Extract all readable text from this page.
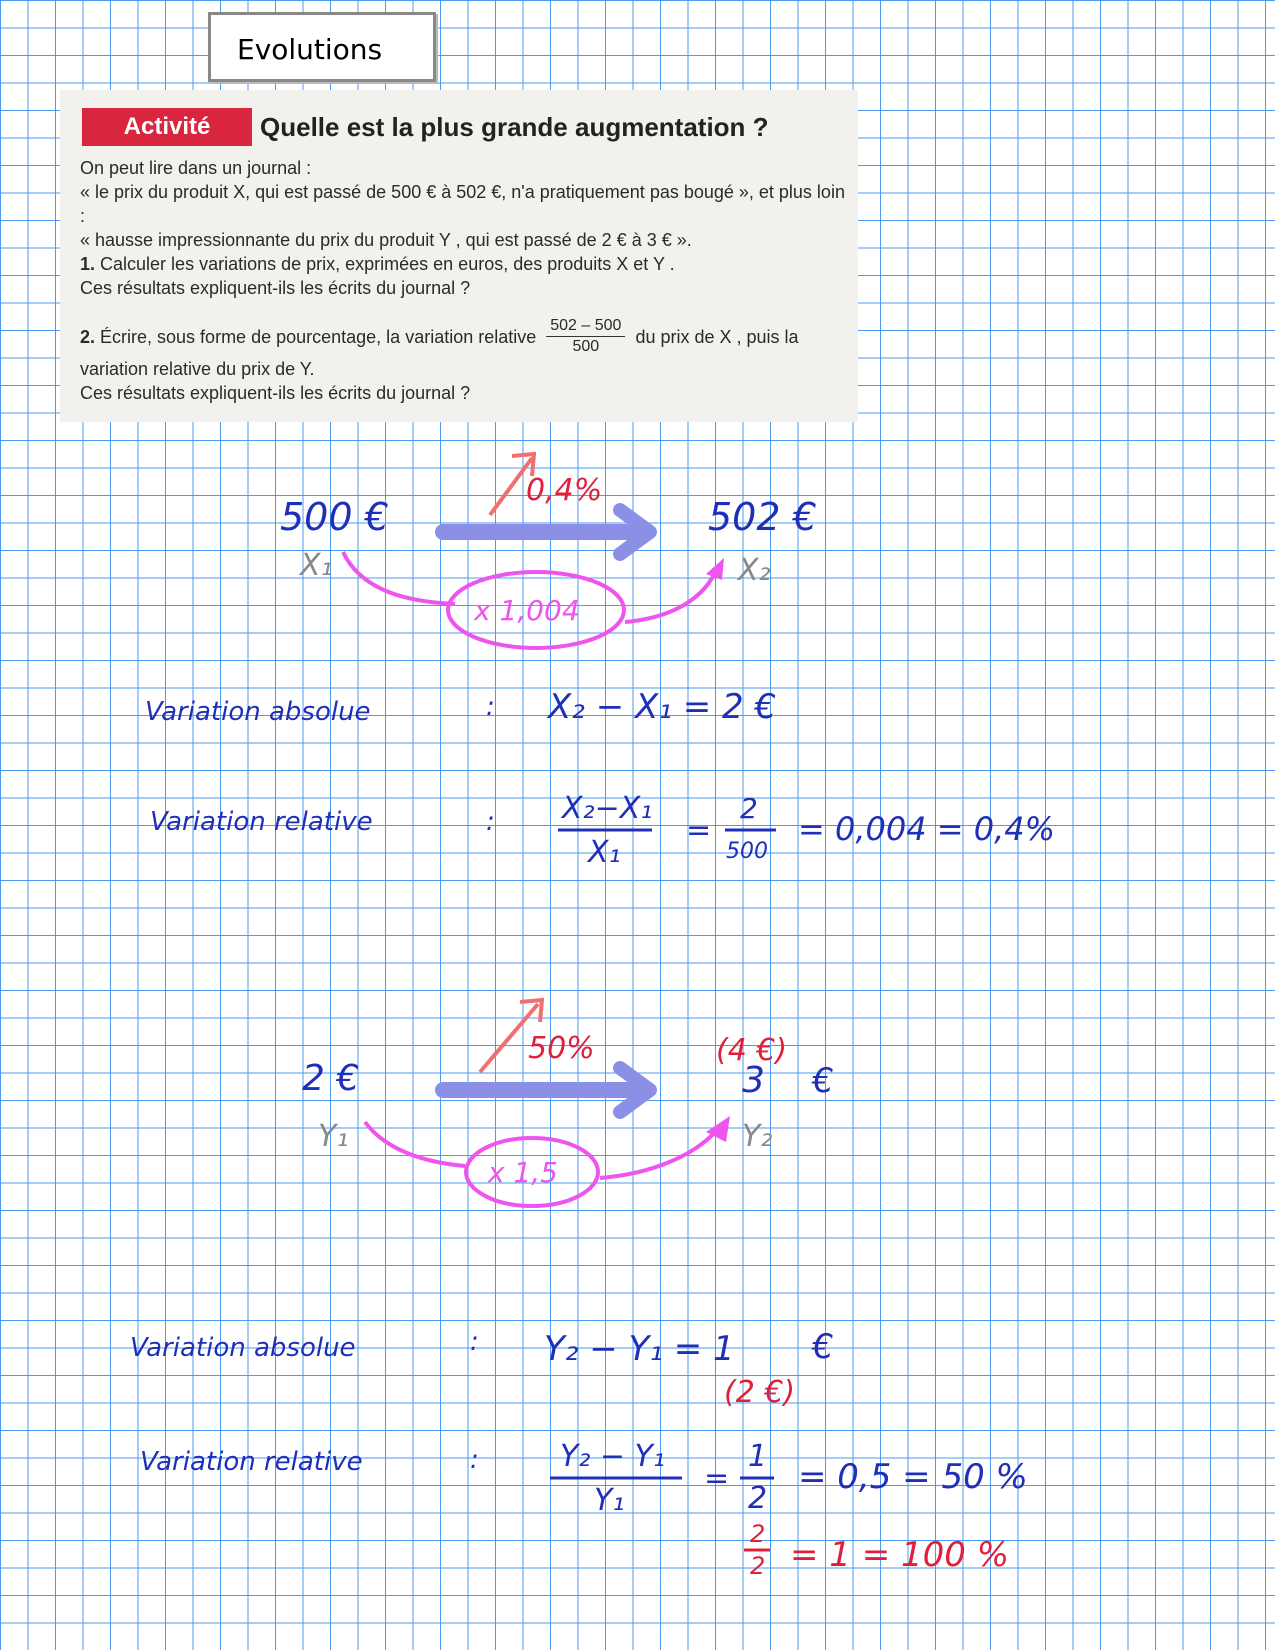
Evolutions
Activité	Quelle est la plus grande augmentation ?

On peut lire dans un journal :

« le prix du produit X, qui est passé de 500 € à 502 €, n'a pratiquement pas bougé », et plus loin :

« hausse impressionnante du prix du produit Y , qui est passé de 2 € à 3 € ».

1. Calculer les variations de prix, exprimées en euros, des produits X et Y .

Ces résultats expliquent-ils les écrits du journal ?

2.
Écrire, sous forme de pourcentage, la variation relative $\frac{502 - 500}{500}$ du prix de X , puis la

variation relative du prix de Y.

Ces résultats expliquent-ils les écrits du journal ?

0,4%
500 €	502 €
X₁	X₂
x 1,004
Variation absolue	: X₂ − X₁ = 2 €
Variation relative	: X₂−X₁
X₁
=
2
500
= 0,004 = 0,4%
50%	(4 €)
2 €	3 €
Y₁	Y₂
x 1,5
Variation absolue	: Y₂ − Y₁ = 1 €
(2 €)
Variation relative	:	Y₂ − Y₁
Y₁
=
1
2
= 0,5 = 50 %
2
2 = 1 = 100 %
